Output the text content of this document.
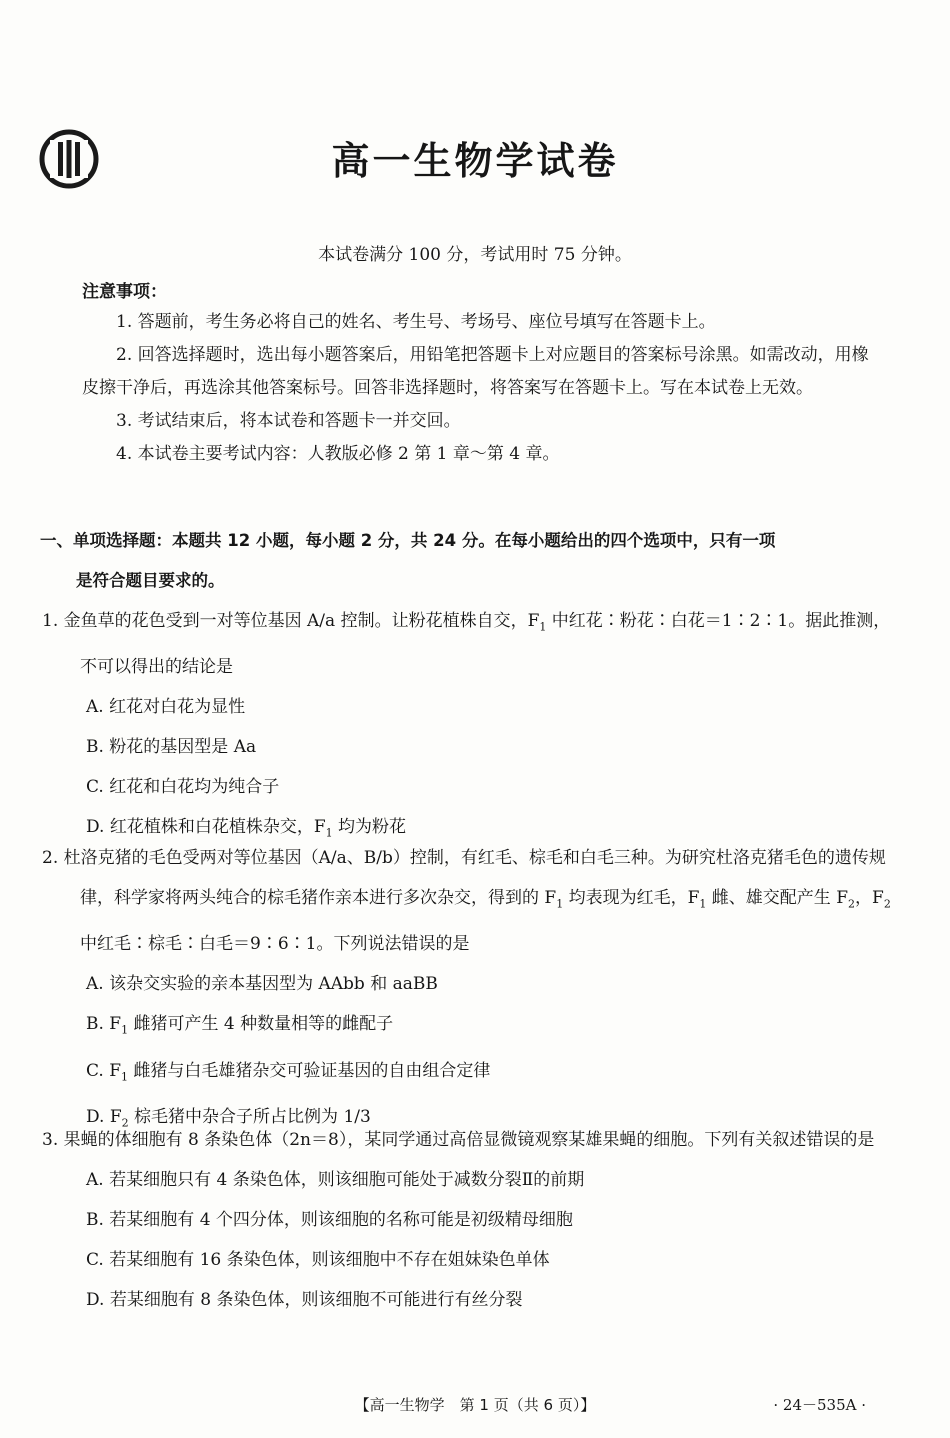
高一生物学试卷
本试卷满分 100 分，考试用时 75 分钟。
注意事项：

1. 答题前，考生务必将自己的姓名、考生号、考场号、座位号填写在答题卡上。

2. 回答选择题时，选出每小题答案后，用铅笔把答题卡上对应题目的答案标号涂黑。如需改动，用橡皮擦干净后，再选涂其他答案标号。回答非选择题时，将答案写在答题卡上。写在本试卷上无效。

3. 考试结束后，将本试卷和答题卡一并交回。

4. 本试卷主要考试内容：人教版必修 2 第 1 章～第 4 章。

一、单项选择题：本题共 12 小题，每小题 2 分，共 24 分。在每小题给出的四个选项中，只有一项
是符合题目要求的。

1. 金鱼草的花色受到一对等位基因 A/a 控制。让粉花植株自交，$F_1$ 中红花∶粉花∶白花＝1∶2∶1。据此推测，不可以得出的结论是

A. 红花对白花为显性

B. 粉花的基因型是 Aa

C. 红花和白花均为纯合子

D. 红花植株和白花植株杂交，$F_1$ 均为粉花

2. 杜洛克猪的毛色受两对等位基因（A/a、B/b）控制，有红毛、棕毛和白毛三种。为研究杜洛克猪毛色的遗传规律，科学家将两头纯合的棕毛猪作亲本进行多次杂交，得到的 $F_1$ 均表现为红毛，$F_1$ 雌、雄交配产生 $F_2$，$F_2$ 中红毛∶棕毛∶白毛＝9∶6∶1。下列说法错误的是

A. 该杂交实验的亲本基因型为 AAbb 和 aaBB

B. $F_1$ 雌猪可产生 4 种数量相等的雌配子

C. $F_1$ 雌猪与白毛雄猪杂交可验证基因的自由组合定律

D. $F_2$ 棕毛猪中杂合子所占比例为 1/3

3. 果蝇的体细胞有 8 条染色体（2n＝8），某同学通过高倍显微镜观察某雄果蝇的细胞。下列有关叙述错误的是

A. 若某细胞只有 4 条染色体，则该细胞可能处于减数分裂Ⅱ的前期

B. 若某细胞有 4 个四分体，则该细胞的名称可能是初级精母细胞

C. 若某细胞有 16 条染色体，则该细胞中不存在姐妹染色单体

D. 若某细胞有 8 条染色体，则该细胞不可能进行有丝分裂

【高一生物学　第 1 页（共 6 页）】	· 24－535A ·
